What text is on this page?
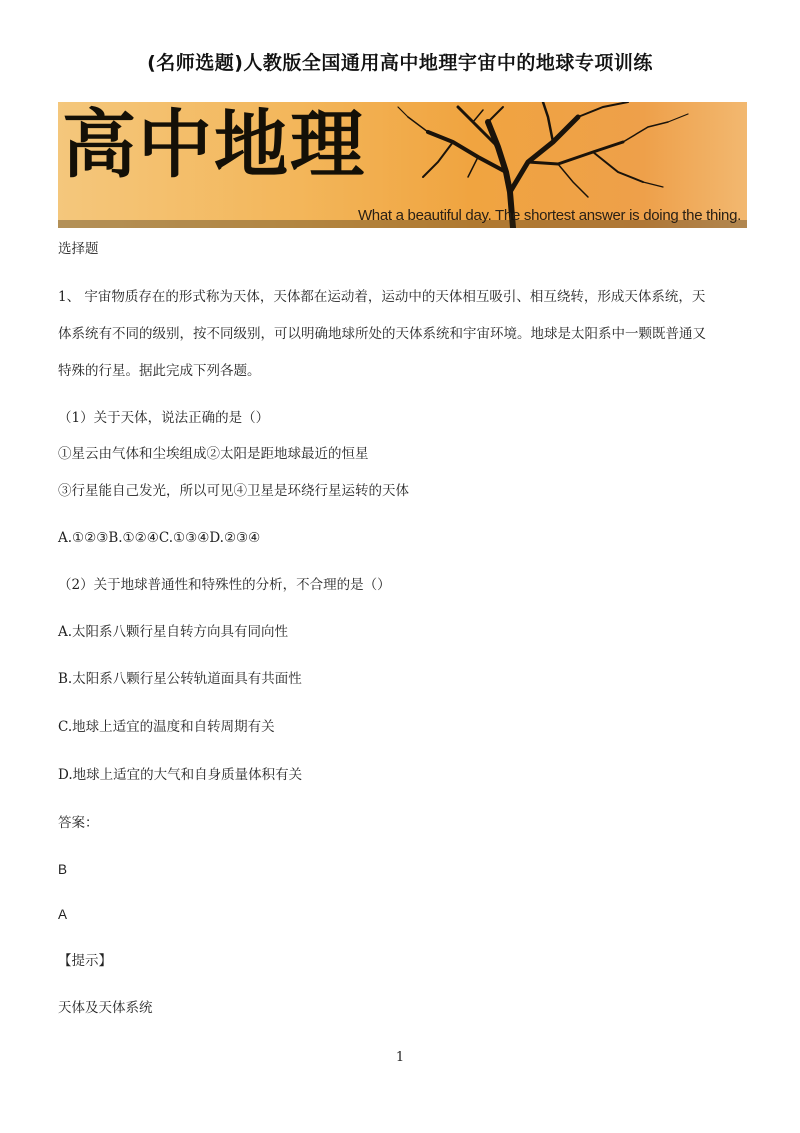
(名师选题)人教版全国通用高中地理宇宙中的地球专项训练
高中地理
What a beautiful day. The shortest answer is doing the thing.
选择题
1、 宇宙物质存在的形式称为天体，天体都在运动着，运动中的天体相互吸引、相互绕转，形成天体系统，天
体系统有不同的级别，按不同级别，可以明确地球所处的天体系统和宇宙环境。地球是太阳系中一颗既普通又
特殊的行星。据此完成下列各题。
（1）关于天体，说法正确的是（）
①星云由气体和尘埃组成②太阳是距地球最近的恒星
③行星能自己发光，所以可见④卫星是环绕行星运转的天体
A.①②③B.①②④C.①③④D.②③④
（2）关于地球普通性和特殊性的分析，不合理的是（）
A.太阳系八颗行星自转方向具有同向性
B.太阳系八颗行星公转轨道面具有共面性
C.地球上适宜的温度和自转周期有关
D.地球上适宜的大气和自身质量体积有关
答案：
B
A
【提示】
天体及天体系统
1
